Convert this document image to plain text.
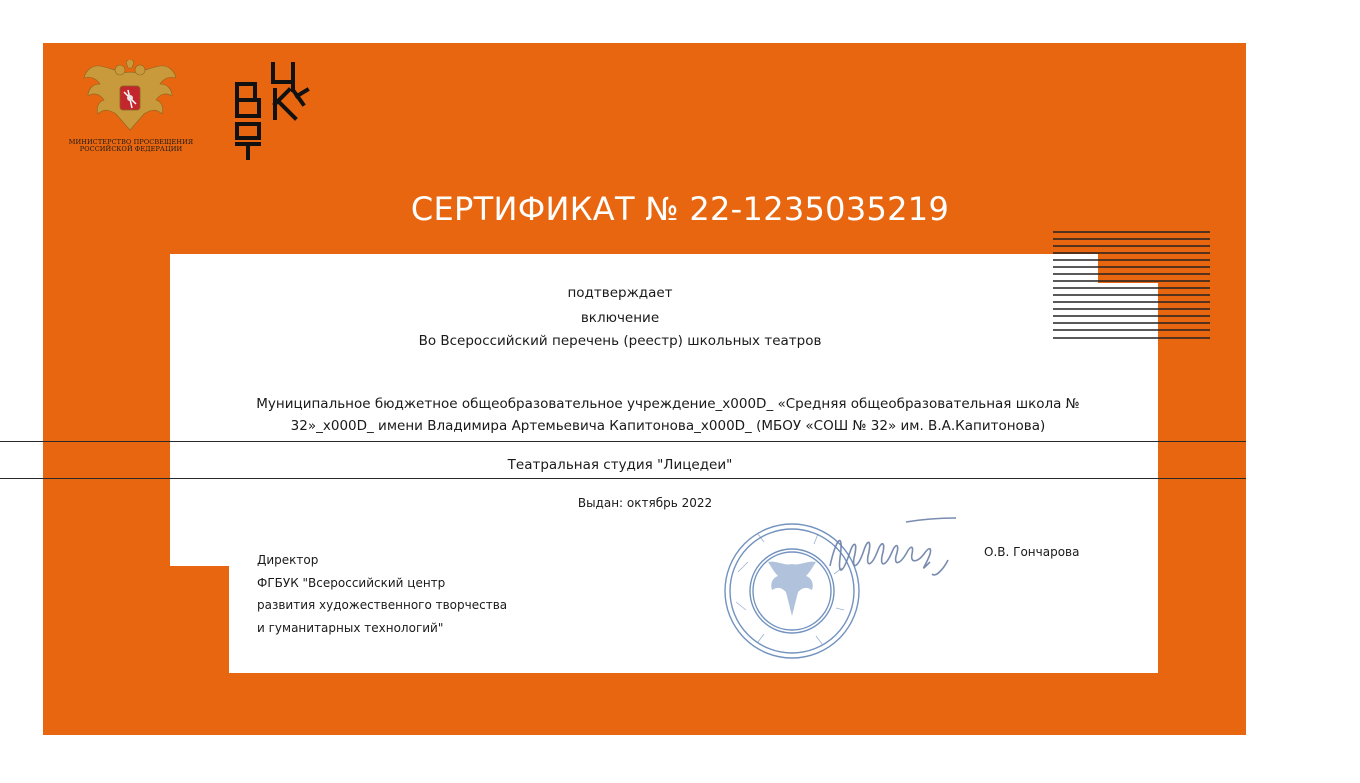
МИНИСТЕРСТВО ПРОСВЕЩЕНИЯ
РОССИЙСКОЙ ФЕДЕРАЦИИ
СЕРТИФИКАТ № 22-1235035219
подтверждает
включение
Во Всероссийский перечень (реестр) школьных театров
Муниципальное бюджетное общеобразовательное учреждение_x000D_ «Средняя общеобразовательная школа №
32»_x000D_ имени Владимира Артемьевича Капитонова_x000D_ (МБОУ «СОШ № 32» им. В.А.Капитонова)
Театральная студия "Лицедеи"
Выдан: октябрь 2022
Директор
ФГБУК "Всероссийский центр
развития художественного творчества
и гуманитарных технологий"
О.В. Гончарова
